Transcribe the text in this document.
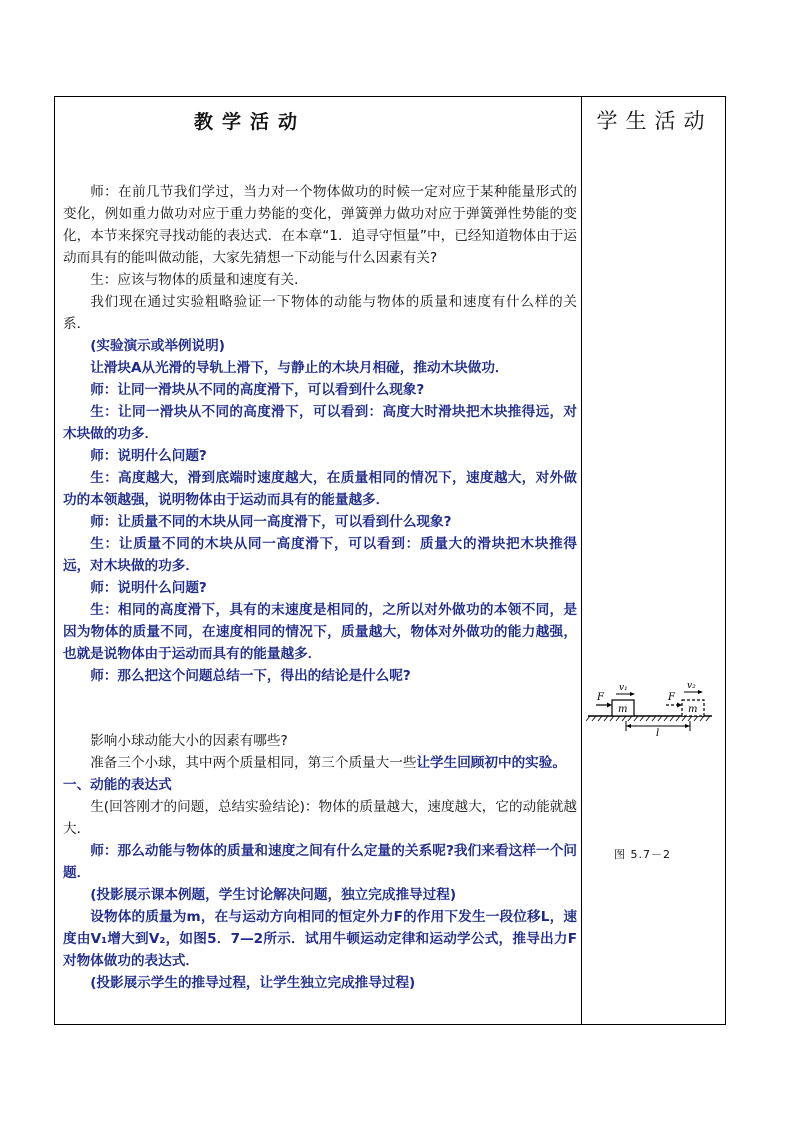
教学活动	学生活动

师：在前几节我们学过，当力对一个物体做功的时候一定对应于某种能量形式的变化，例如重力做功对应于重力势能的变化，弹簧弹力做功对应于弹簧弹性势能的变化，本节来探究寻找动能的表达式．在本章“1．追寻守恒量”中，已经知道物体由于运动而具有的能叫做动能，大家先猜想一下动能与什么因素有关?

生：应该与物体的质量和速度有关．

我们现在通过实验粗略验证一下物体的动能与物体的质量和速度有什么样的关系．

(实验演示或举例说明)

让滑块A从光滑的导轨上滑下，与静止的木块月相碰，推动木块做功．

师：让同一滑块从不同的高度滑下，可以看到什么现象?

生：让同一滑块从不同的高度滑下，可以看到：高度大时滑块把木块推得远，对木块做的功多．

师：说明什么问题?

生：高度越大，滑到底端时速度越大，在质量相同的情况下，速度越大，对外做功的本领越强，说明物体由于运动而具有的能量越多．

师：让质量不同的木块从同一高度滑下，可以看到什么现象?

生：让质量不同的木块从同一高度滑下，可以看到：质量大的滑块把木块推得远，对木块做的功多．

师：说明什么问题?

生：相同的高度滑下，具有的末速度是相同的，之所以对外做功的本领不同，是因为物体的质量不同，在速度相同的情况下，质量越大，物体对外做功的能力越强，也就是说物体由于运动而具有的能量越多．

师：那么把这个问题总结一下，得出的结论是什么呢?

影响小球动能大小的因素有哪些?

准备三个小球，其中两个质量相同，第三个质量大一些让学生回顾初中的实验。

一、动能的表达式

生(回答刚才的问题，总结实验结论)：物体的质量越大，速度越大，它的动能就越大．

师：那么动能与物体的质量和速度之间有什么定量的关系呢?我们来看这样一个问题．

(投影展示课本例题，学生讨论解决问题，独立完成推导过程)

设物体的质量为m，在与运动方向相同的恒定外力F的作用下发生一段位移L，速度由V₁增大到V₂，如图5．7—2所示．试用牛顿运动定律和运动学公式，推导出力F对物体做功的表达式．

(投影展示学生的推导过程，让学生独立完成推导过程)

m
F
v₁
m
F
v₂
l
图 5.7－2
